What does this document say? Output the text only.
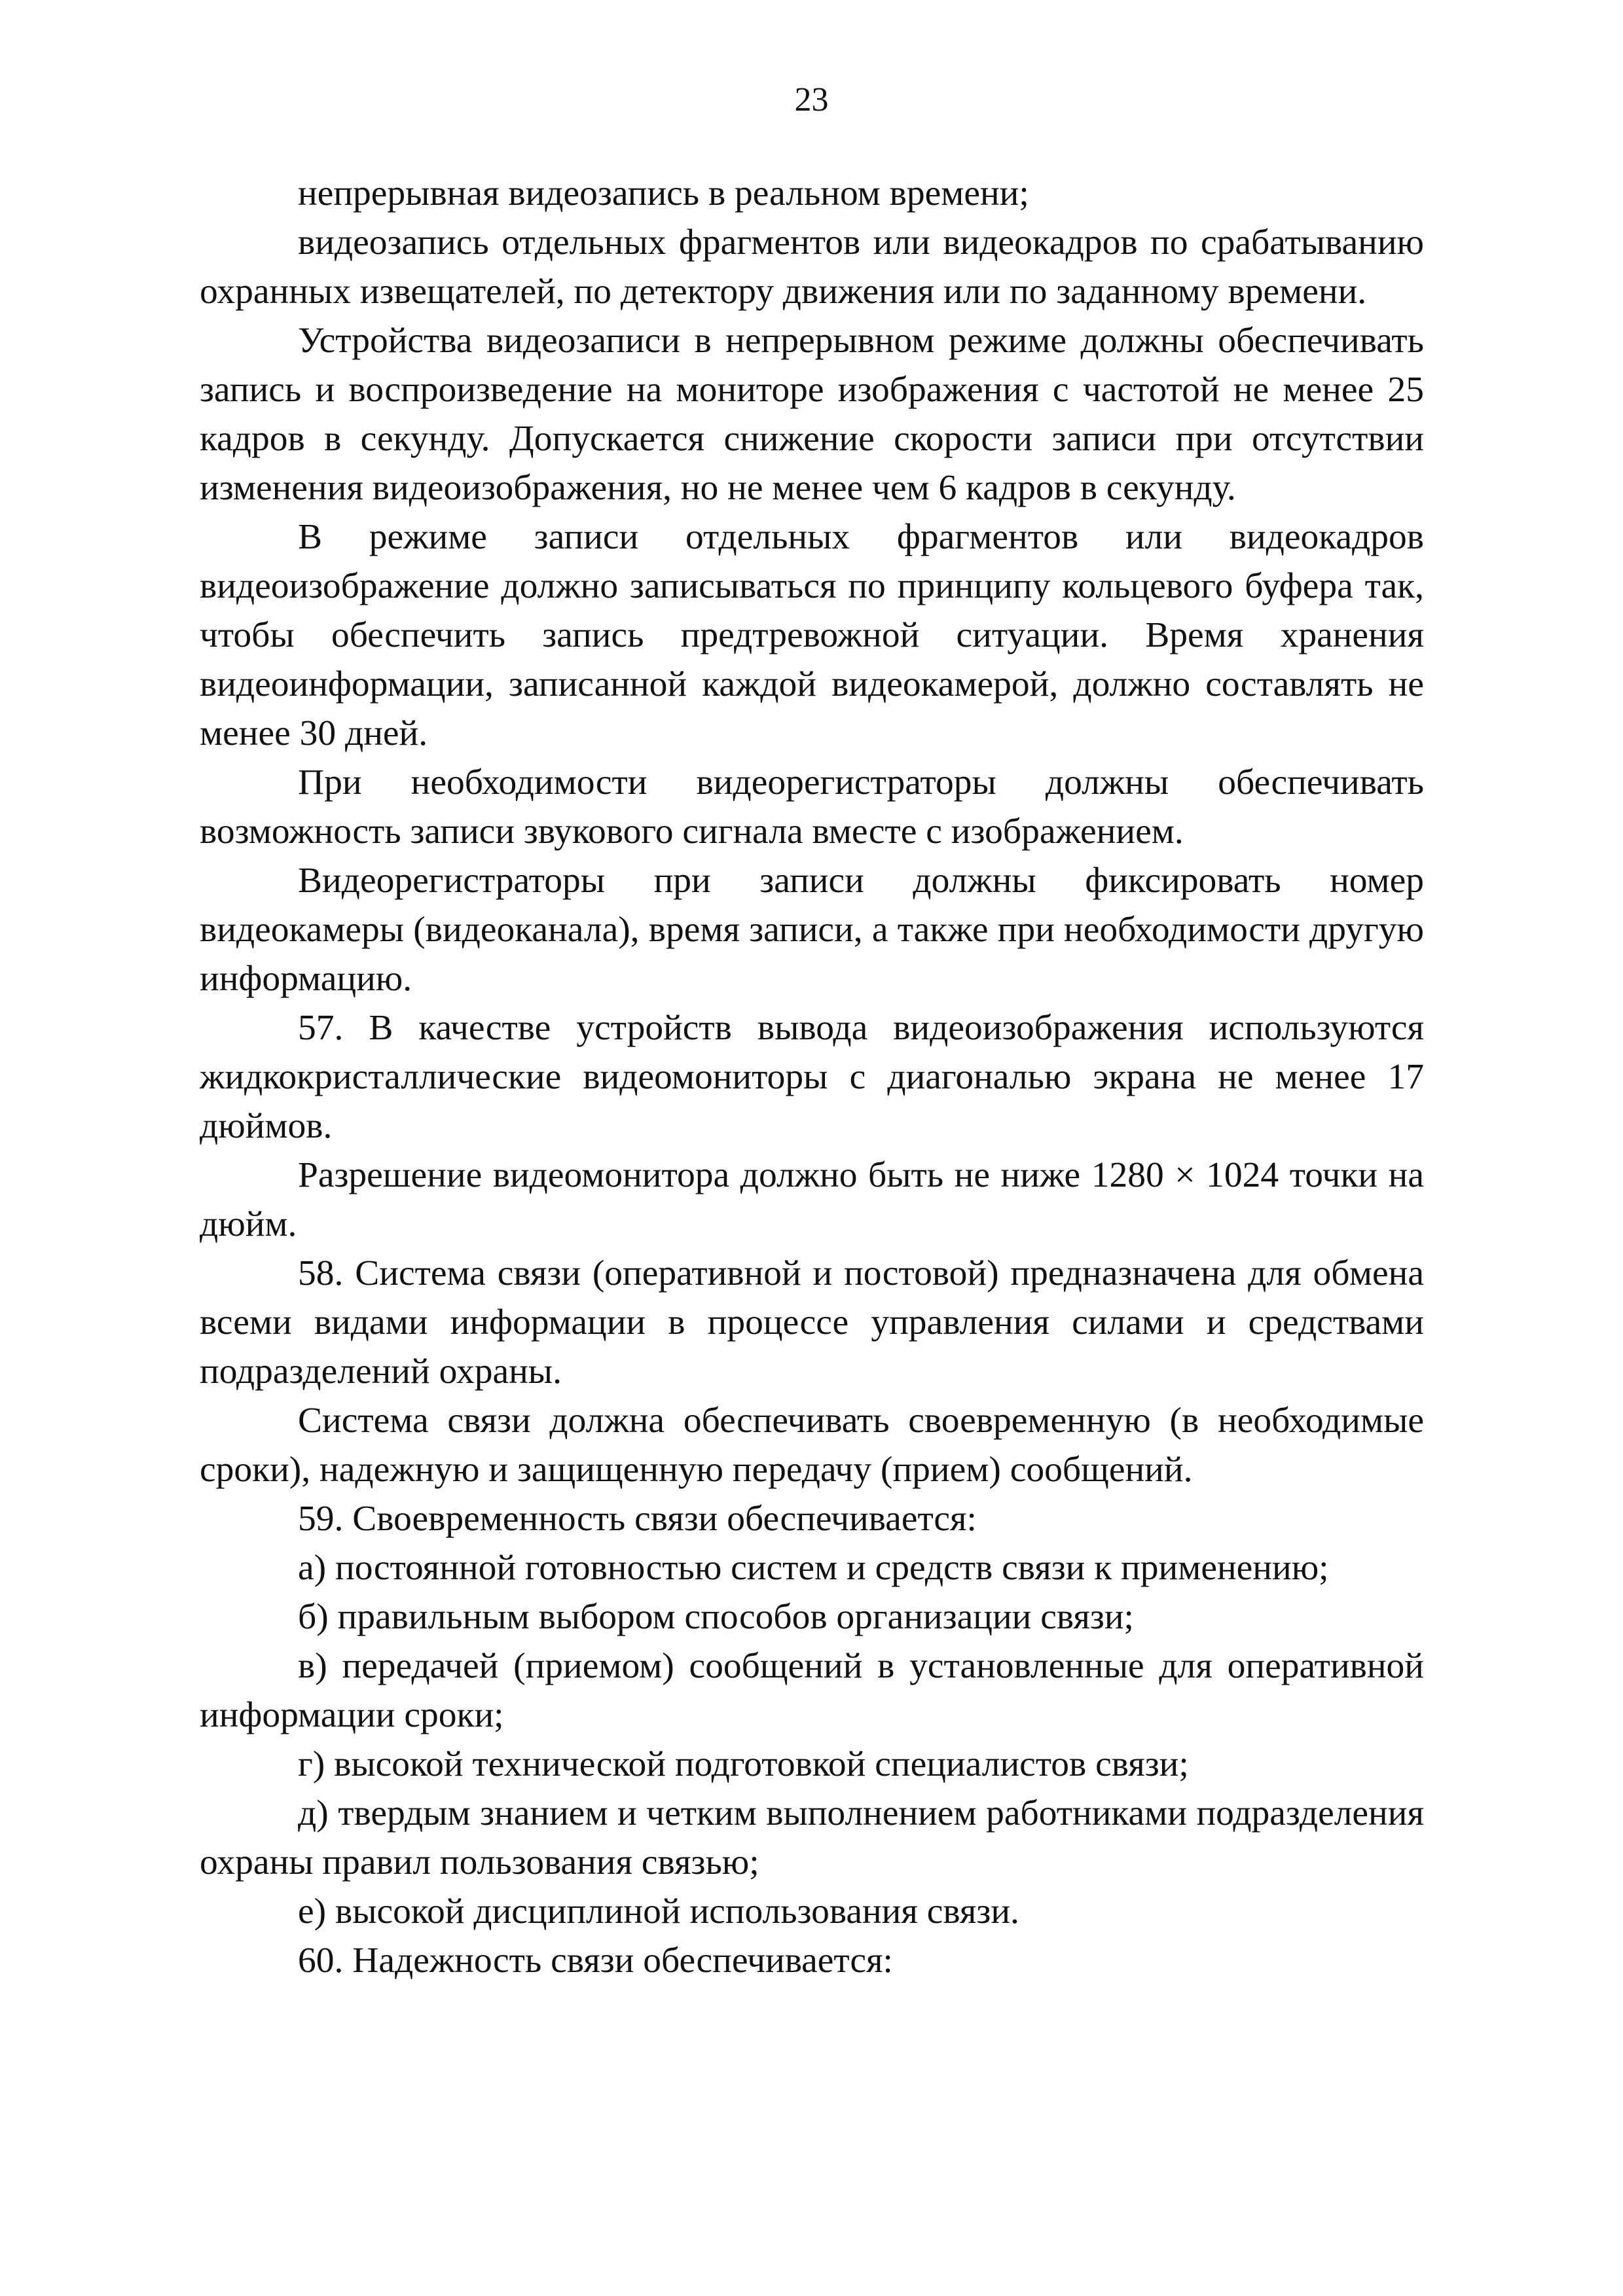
23

непрерывная видеозапись в реальном времени;

видеозапись отдельных фрагментов или видеокадров по срабатыванию охранных извещателей, по детектору движения или по заданному времени.

Устройства видеозаписи в непрерывном режиме должны обеспечивать запись и воспроизведение на мониторе изображения с частотой не менее 25 кадров в секунду. Допускается снижение скорости записи при отсутствии изменения видеоизображения, но не менее чем 6 кадров в секунду.

В режиме записи отдельных фрагментов или видеокадров видеоизображение должно записываться по принципу кольцевого буфера так, чтобы обеспечить запись предтревожной ситуации. Время хранения видеоинформации, записанной каждой видеокамерой, должно составлять не менее 30 дней.

При необходимости видеорегистраторы должны обеспечивать возможность записи звукового сигнала вместе с изображением.

Видеорегистраторы при записи должны фиксировать номер видеокамеры (видеоканала), время записи, а также при необходимости другую информацию.

57. В качестве устройств вывода видеоизображения используются жидкокристаллические видеомониторы с диагональю экрана не менее 17 дюймов.

Разрешение видеомонитора должно быть не ниже 1280 × 1024 точки на дюйм.

58. Система связи (оперативной и постовой) предназначена для обмена всеми видами информации в процессе управления силами и средствами подразделений охраны.

Система связи должна обеспечивать своевременную (в необходимые сроки), надежную и защищенную передачу (прием) сообщений.

59. Своевременность связи обеспечивается:

а) постоянной готовностью систем и средств связи к применению;

б) правильным выбором способов организации связи;

в) передачей (приемом) сообщений в установленные для оперативной информации сроки;

г) высокой технической подготовкой специалистов связи;

д) твердым знанием и четким выполнением работниками подразделения охраны правил пользования связью;

е) высокой дисциплиной использования связи.

60. Надежность связи обеспечивается:
